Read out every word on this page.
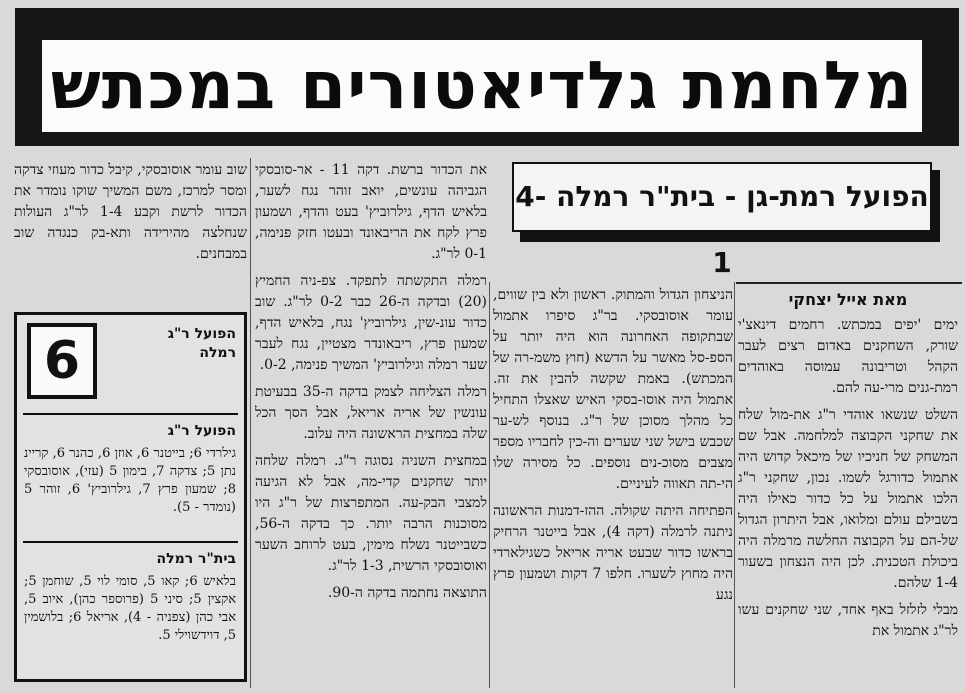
מלחמת גלדיאטורים במכתש
הפועל רמת-גן - בית"ר רמלה 4-1
מאת אייל יצחקי

ימים 'יפים במכתש. רחמים דינאצ'י שורק, השחקנים באדום רצים לעבר הקהל וטריבונה עמוסה באוהדים רמת-גנים מרי-עה להם.

השלט שנשאו אוהדי ר"ג את-מול שלח את שחקני הקבוצה למלחמה. אבל שם המשחק של חניכיו של מיכאל קדוש היה אתמול כדורגל לשמו. נכון, שחקני ר"ג הלכו אתמול על כל כדור כאילו היה בשבילם עולם ומלואו, אבל היתרון הגדול של-הם על הקבוצה החלשה מרמלה היה ביכולת הטכנית. לכן היה הנצחון בשעור 1-4 שלהם.

מבלי לזלזל באף אחד, שני שחקנים עשו לר"ג אתמול את

הניצחון הגדול והמתוק. ראשון ולא בין שווים, עומר אוסובסקי. בר"ג סיפרו אתמול שבתקופה האחרונה הוא היה יותר על הספ-סל מאשר על הדשא (חוץ משמ-רה של המכתש). באמת שקשה להבין את זה. אתמול היה אוסו-בסקי האיש שאצלו התחיל כל מהלך מסוכן של ר"ג. בנוסף לש-ער שכבש בישל שני שערים וה-כין לחבריו מספר מצבים מסוכ-נים נוספים. כל מסירה שלו הי-תה תאווה לעיניים.

הפתיחה היתה שקולה. ההז-דמנות הראשונה ניתנה לרמלה (דקה 4), אבל בייטנר הרחיק בראשו כדור שבעט אריה אריאל כשגילארדי היה מחוץ לשערו. חלפו 7 דקות ושמעון פרץ נגע

את הכדור ברשת. דקה 11 - אר-סובסקי הגביהה עונשים, יואב זוהר נגח לשער, בלאיש הדף, גילרוביץ' בעט והדף, ושמעון פרץ לקח את הריבאונד ובעטו חזק פנימה, 0-1 לר"ג.

רמלה התקשתה לתפקד. צפ-ניה החמיץ (20) ובדקה ה-26 כבר 0-2 לר"ג. שוב כדור עונ-שין, גילרוביץ' נגח, בלאיש הדף, שמעון פרץ, ריבאונדר מצטיין, נגח לעבר שער רמלה וגילרוביץ' המשיך פנימה, 0-2.

רמלה הצליחה לצמק בדקה ה-35 בבעיטת עונשין של אריה אריאל, אבל הסך הכל שלה במחצית הראשונה היה עלוב.

במחצית השניה נסוגה ר"ג. רמלה שלחה יותר שחקנים קדי-מה, אבל לא הגיעה למצבי הבק-עה. המתפרצות של ר"ג היו מסוכנות הרבה יותר. כך בדקה ה-56, כשבייטנר נשלח מימין, בעט לרוחב השער ואוסובסקי הרשית, 1-3 לר"ג.

התוצאה נחתמה בדקה ה-90.

שוב עומר אוסובסקי, קיבל כדור מעוזי צדקה ומסר למרכז, משם המשיך שוקו נומדר את הכדור לרשת וקבע 1-4 לר"ג העולות שנחלצה מהירידה ותא-בק כנגדה שוב במבחנים.

הפועל ר"ג
רמלה
6
הפועל ר"ג
גילרדי 6; בייטנר 6, אוזן 6, כהנר 6, קריינ נתן 5; צדקה 7, בימון 5 (עזי), אוסובסקי 8; שמעון פרץ 7, גילרוביץ' 6, זוהר 5 (נומדר - 5).
בית"ר רמלה
בלאיש 6; קאו 5, סומי לוי 5, שוחמן 5; אקצין 5; סיני 5 (פרוספר כהן), איוב 5, אבי כהן (צפניה - 4), אריאל 6; בלושמין 5, דוידשוילי 5.
